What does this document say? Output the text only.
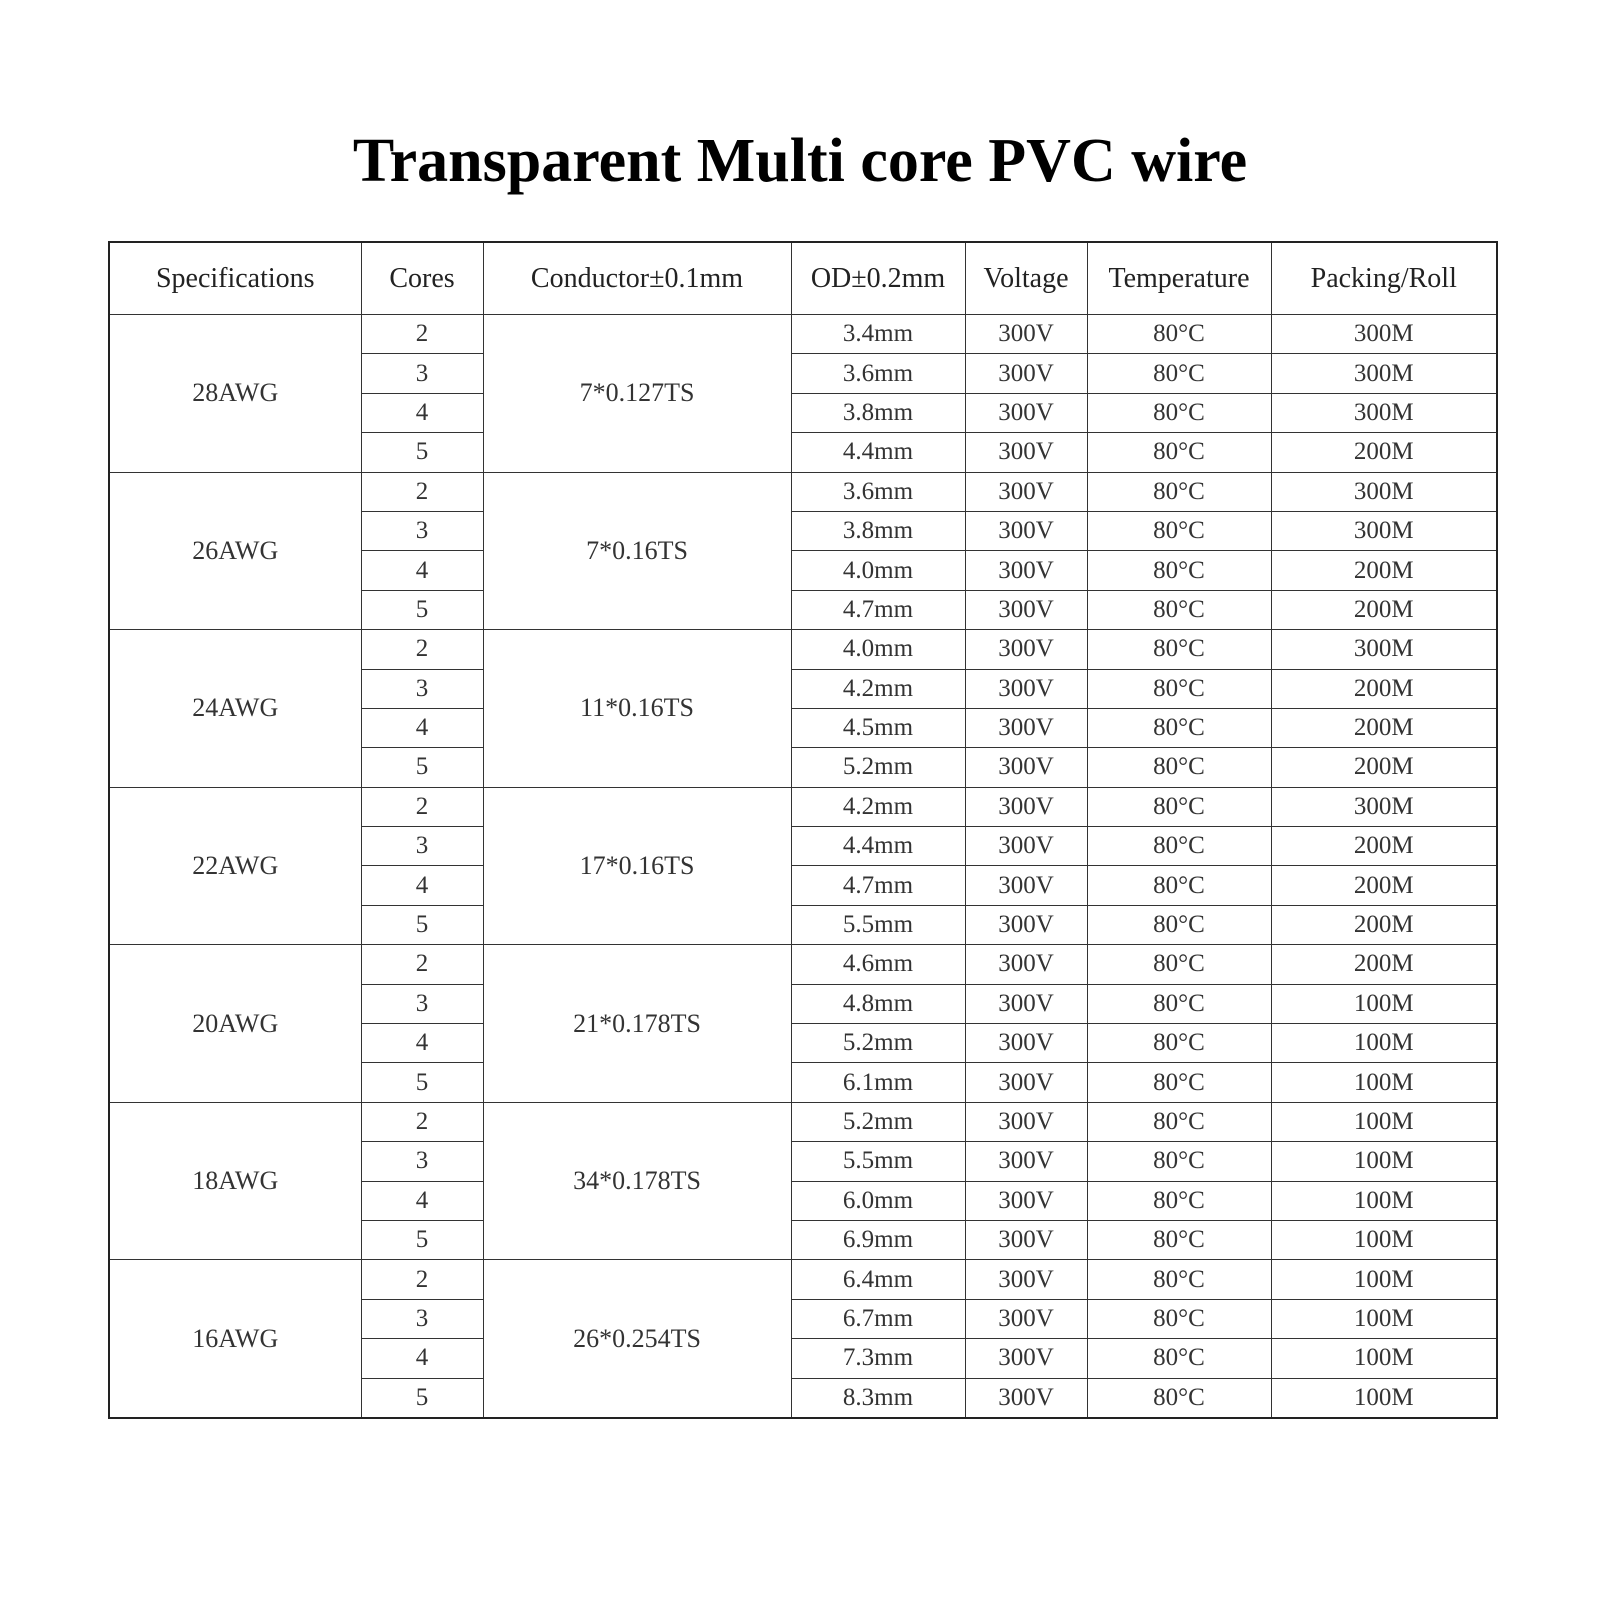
Transparent Multi core PVC wire
Specifications	Cores	Conductor±0.1mm	OD±0.2mm	Voltage	Temperature	Packing/Roll
28AWG	2	7*0.127TS	3.4mm	300V	80°C	300M
	3		3.6mm	300V	80°C	300M
	4		3.8mm	300V	80°C	300M
	5		4.4mm	300V	80°C	200M
26AWG	2	7*0.16TS	3.6mm	300V	80°C	300M
	3		3.8mm	300V	80°C	300M
	4		4.0mm	300V	80°C	200M
	5		4.7mm	300V	80°C	200M
24AWG	2	11*0.16TS	4.0mm	300V	80°C	300M
	3		4.2mm	300V	80°C	200M
	4		4.5mm	300V	80°C	200M
	5		5.2mm	300V	80°C	200M
22AWG	2	17*0.16TS	4.2mm	300V	80°C	300M
	3		4.4mm	300V	80°C	200M
	4		4.7mm	300V	80°C	200M
	5		5.5mm	300V	80°C	200M
20AWG	2	21*0.178TS	4.6mm	300V	80°C	200M
	3		4.8mm	300V	80°C	100M
	4		5.2mm	300V	80°C	100M
	5		6.1mm	300V	80°C	100M
18AWG	2	34*0.178TS	5.2mm	300V	80°C	100M
	3		5.5mm	300V	80°C	100M
	4		6.0mm	300V	80°C	100M
	5		6.9mm	300V	80°C	100M
16AWG	2	26*0.254TS	6.4mm	300V	80°C	100M
	3		6.7mm	300V	80°C	100M
	4		7.3mm	300V	80°C	100M
	5		8.3mm	300V	80°C	100M
